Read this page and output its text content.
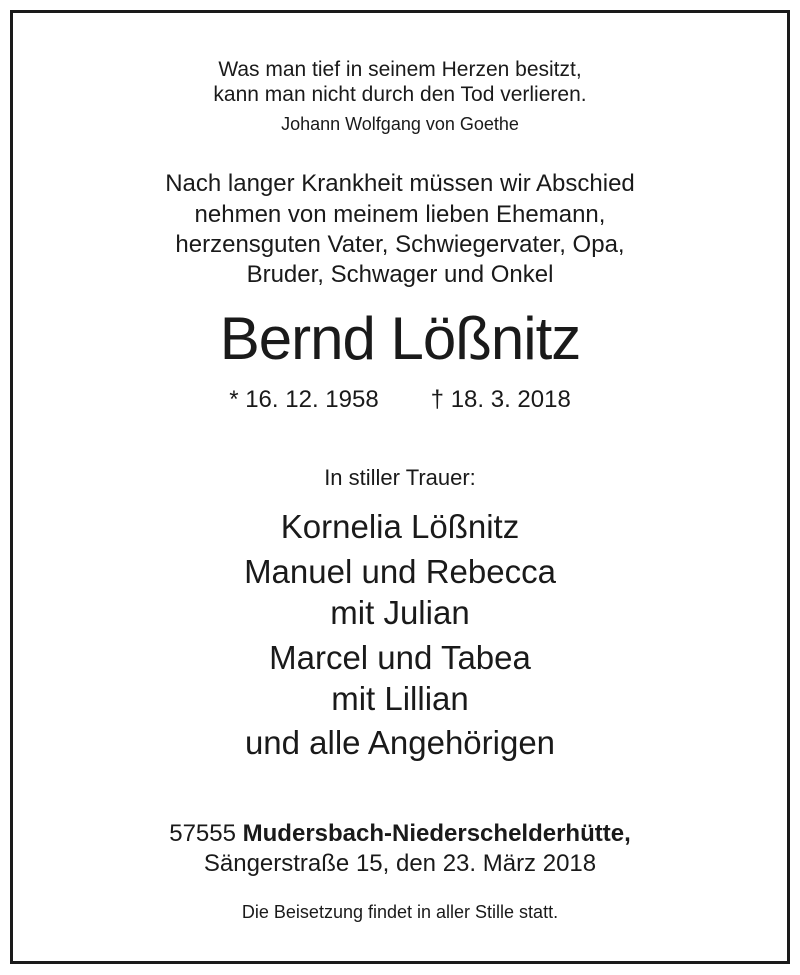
Was man tief in seinem Herzen besitzt,
kann man nicht durch den Tod verlieren.
Johann Wolfgang von Goethe
Nach langer Krankheit müssen wir Abschied
nehmen von meinem lieben Ehemann,
herzensguten Vater, Schwiegervater, Opa,
Bruder, Schwager und Onkel
Bernd Lößnitz
* 16. 12. 1958 † 18. 3. 2018
In stiller Trauer:
Kornelia Lößnitz
Manuel und Rebecca
mit Julian
Marcel und Tabea
mit Lillian
und alle Angehörigen
57555 Mudersbach-Niederschelderhütte,
Sängerstraße 15, den 23. März 2018
Die Beisetzung findet in aller Stille statt.
